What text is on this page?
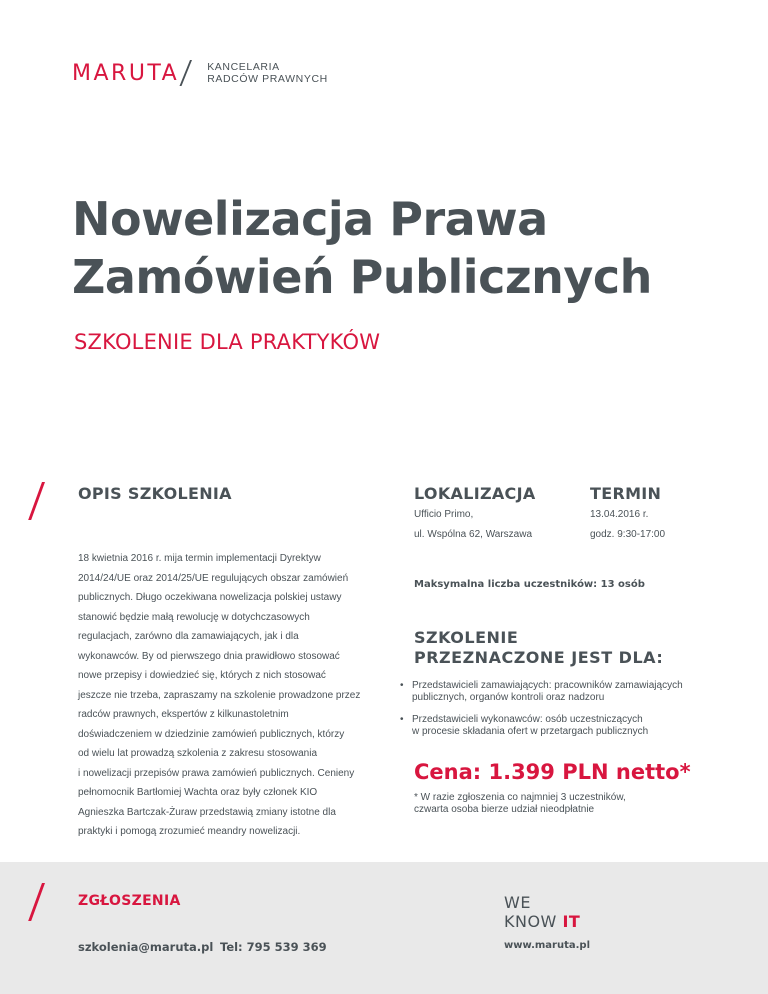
MARUTA	KANCELARIA
RADCÓW PRAWNYCH
Nowelizacja Prawa
Zamówień Publicznych
SZKOLENIE DLA PRAKTYKÓW
OPIS SZKOLENIA	LOKALIZACJA
Ufficio Primo,
ul. Wspólna 62, Warszawa
TERMIN
13.04.2016 r.
godz. 9:30-17:00
18 kwietnia 2016 r. mija termin implementacji Dyrektyw
2014/24/UE oraz 2014/25/UE regulujących obszar zamówień
publicznych. Długo oczekiwana nowelizacja polskiej ustawy
stanowić będzie małą rewolucję w dotychczasowych
regulacjach, zarówno dla zamawiających, jak i dla
wykonawców. By od pierwszego dnia prawidłowo stosować
nowe przepisy i dowiedzieć się, których z nich stosować
jeszcze nie trzeba, zapraszamy na szkolenie prowadzone przez
radców prawnych, ekspertów z kilkunastoletnim
doświadczeniem w dziedzinie zamówień publicznych, którzy
od wielu lat prowadzą szkolenia z zakresu stosowania
i nowelizacji przepisów prawa zamówień publicznych. Cenieny
pełnomocnik Bartłomiej Wachta oraz były członek KIO
Agnieszka Bartczak-Żuraw przedstawią zmiany istotne dla
praktyki i pomogą zrozumieć meandry nowelizacji.
Maksymalna liczba uczestników: 13 osób
SZKOLENIE
PRZEZNACZONE JEST DLA:
• Przedstawicieli zamawiających: pracowników zamawiających
publicznych, organów kontroli oraz nadzoru
• Przedstawicieli wykonawców: osób uczestniczących
w procesie składania ofert w przetargach publicznych
Cena: 1.399 PLN netto*
* W razie zgłoszenia co najmniej 3 uczestników,
czwarta osoba bierze udział nieodpłatnie
ZGŁOSZENIA
szkolenia@maruta.pl Tel: 795 539 369
WE
KNOW IT
www.maruta.pl
